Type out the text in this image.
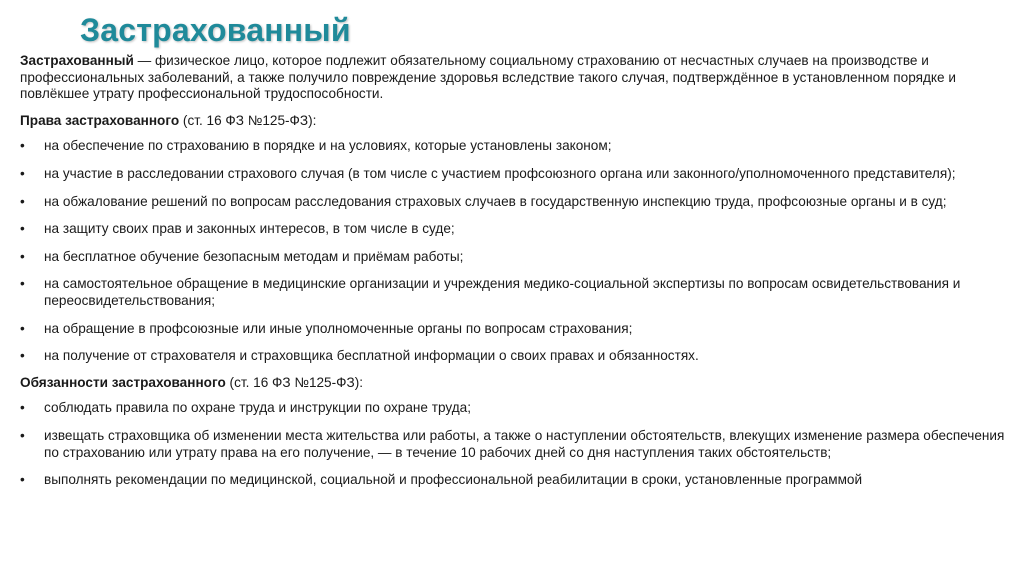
Застрахованный

Застрахованный — физическое лицо, которое подлежит обязательному социальному страхованию от несчастных случаев на производстве и профессиональных заболеваний, а также получило повреждение здоровья вследствие такого случая, подтверждённое в установленном порядке и повлёкшее утрату профессиональной трудоспособности.

Права застрахованного (ст. 16 ФЗ №125-ФЗ):

• на обеспечение по страхованию в порядке и на условиях, которые установлены законом;
• на участие в расследовании страхового случая (в том числе с участием профсоюзного органа или законного/уполномоченного представителя);
• на обжалование решений по вопросам расследования страховых случаев в государственную инспекцию труда, профсоюзные органы и в суд;
• на защиту своих прав и законных интересов, в том числе в суде;
• на бесплатное обучение безопасным методам и приёмам работы;
• на самостоятельное обращение в медицинские организации и учреждения медико-социальной экспертизы по вопросам освидетельствования и переосвидетельствования;
• на обращение в профсоюзные или иные уполномоченные органы по вопросам страхования;
• на получение от страхователя и страховщика бесплатной информации о своих правах и обязанностях.

Обязанности застрахованного (ст. 16 ФЗ №125-ФЗ):

• соблюдать правила по охране труда и инструкции по охране труда;
• извещать страховщика об изменении места жительства или работы, а также о наступлении обстоятельств, влекущих изменение размера обеспечения по страхованию или утрату права на его получение, — в течение 10 рабочих дней со дня наступления таких обстоятельств;
• выполнять рекомендации по медицинской, социальной и профессиональной реабилитации в сроки, установленные программой
